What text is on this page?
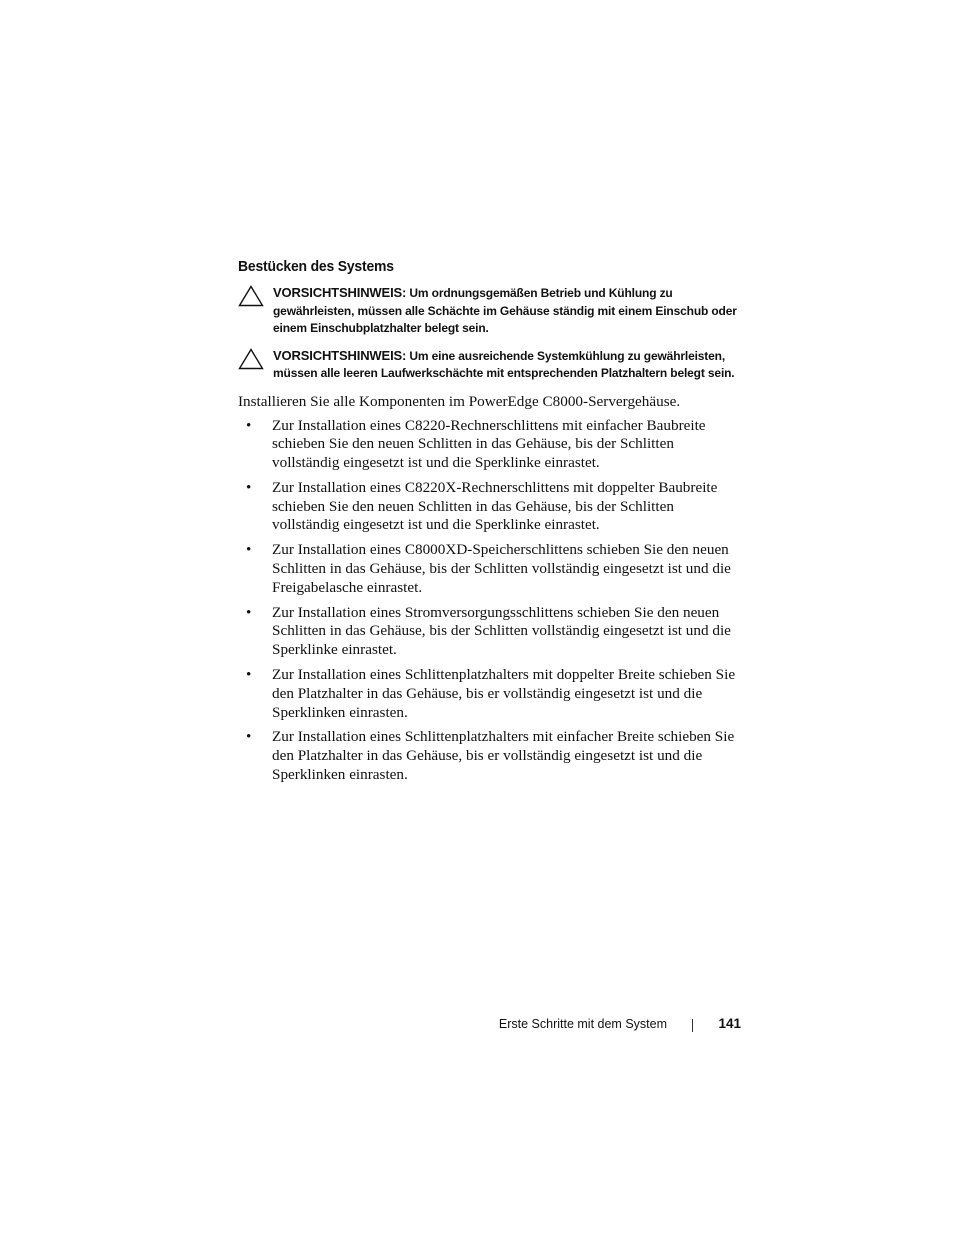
Bestücken des Systems
VORSICHTSHINWEIS: Um ordnungsgemäßen Betrieb und Kühlung zu gewährleisten, müssen alle Schächte im Gehäuse ständig mit einem Einschub oder einem Einschubplatzhalter belegt sein.
VORSICHTSHINWEIS: Um eine ausreichende Systemkühlung zu gewährleisten, müssen alle leeren Laufwerkschächte mit entsprechenden Platzhaltern belegt sein.

Installieren Sie alle Komponenten im PowerEdge C8000-Servergehäuse.

• Zur Installation eines C8220-Rechnerschlittens mit einfacher Baubreite schieben Sie den neuen Schlitten in das Gehäuse, bis der Schlitten vollständig eingesetzt ist und die Sperklinke einrastet.
• Zur Installation eines C8220X-Rechnerschlittens mit doppelter Baubreite schieben Sie den neuen Schlitten in das Gehäuse, bis der Schlitten vollständig eingesetzt ist und die Sperklinke einrastet.
• Zur Installation eines C8000XD-Speicherschlittens schieben Sie den neuen Schlitten in das Gehäuse, bis der Schlitten vollständig eingesetzt ist und die Freigabelasche einrastet.
• Zur Installation eines Stromversorgungsschlittens schieben Sie den neuen Schlitten in das Gehäuse, bis der Schlitten vollständig eingesetzt ist und die Sperklinke einrastet.
• Zur Installation eines Schlittenplatzhalters mit doppelter Breite schieben Sie den Platzhalter in das Gehäuse, bis er vollständig eingesetzt ist und die Sperklinken einrasten.
• Zur Installation eines Schlittenplatzhalters mit einfacher Breite schieben Sie den Platzhalter in das Gehäuse, bis er vollständig eingesetzt ist und die Sperklinken einrasten.
Erste Schritte mit dem System	141
